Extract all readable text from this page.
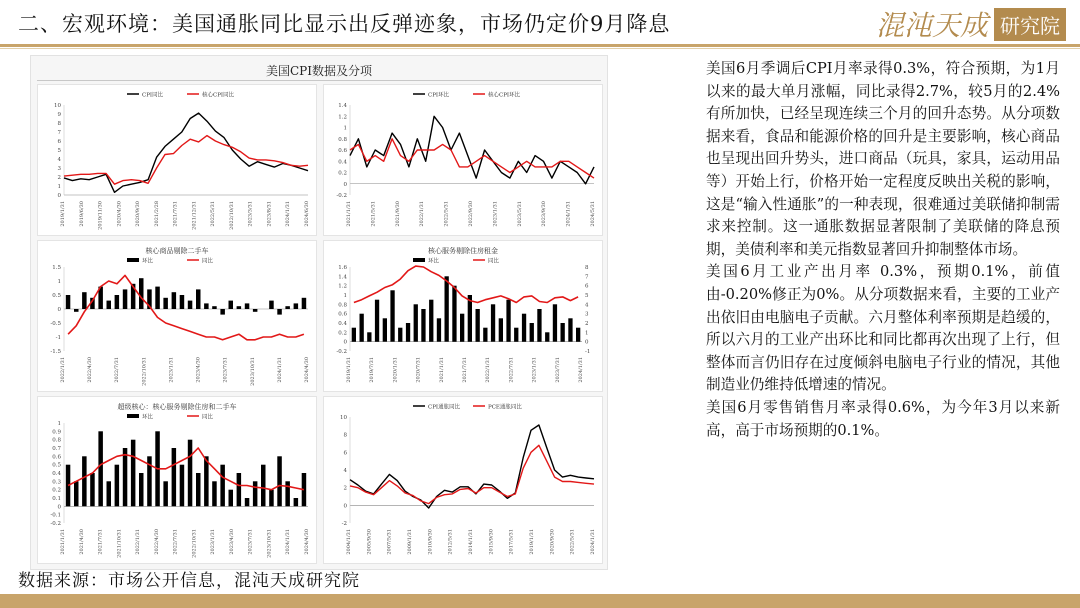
二、宏观环境：美国通胀同比显示出反弹迹象，市场仍定价9月降息	混沌天成 研究院
美国CPI数据及分项
CPI同比	核心CPI同比
10
9
8
7
6
5
4
3
2
1
0
2019/1/31	2019/6/30	2019/11/30	2020/4/30	2020/9/30	2021/2/28	2021/7/31	2021/12/31	2022/5/31	2022/10/31	2023/3/31	2023/8/31	2024/1/31	2024/6/30
CPI环比	核心CPI环比
1.4
1.2
1
0.8
0.6
0.4
0.2
0
-0.2
2021/1/31	2021/5/31	2021/9/30	2022/1/31	2022/5/31	2022/9/30	2023/1/31	2023/5/31	2023/9/30	2024/1/31	2024/5/31
核心商品剔除二手车
环比	同比
1.5
1
0.5
0
-0.5
-1
-1.5
2022/1/31	2022/4/30	2022/7/31	2022/10/31	2023/1/31	2023/4/30	2023/7/31	2023/10/31	2024/1/31	2024/4/30
核心服务剔除住房租金
环比	同比
1.6
1.4
1.2
1
0.8
0.6
0.4
0.2
0
-0.2
8
7
6
5
4
3
2
1
0
-1
2019/1/31	2019/7/31	2020/1/31	2020/7/31	2021/1/31	2021/7/31	2022/1/31	2022/7/31	2023/1/31	2023/7/31	2024/1/31
超级核心：核心服务剔除住房和二手车
环比	同比
1
0.9
0.8
0.7
0.6
0.5
0.4
0.3
0.2
0.1
0
-0.1
-0.2
2021/1/31	2021/4/30	2021/7/31	2021/10/31	2022/1/31	2022/4/30	2022/7/31	2022/10/31	2023/1/31	2023/4/30	2023/7/31	2023/10/31	2024/1/31	2024/4/30
CPI通胀同比	PCE通胀同比
10
8
6
4
2
0
-2
2004/1/31	2005/9/30	2007/5/31	2009/1/31	2010/9/30	2012/5/31	2014/1/31	2015/9/30	2017/5/31	2019/1/31	2020/9/30	2022/5/31	2024/1/31

美国6月季调后CPI月率录得0.3%，符合预期，为1月以来的最大单月涨幅，同比录得2.7%，较5月的2.4%有所加快，已经呈现连续三个月的回升态势。从分项数据来看，食品和能源价格的回升是主要影响，核心商品也呈现出回升势头，进口商品（玩具，家具，运动用品等）开始上行，价格开始一定程度反映出关税的影响，这是“输入性通胀”的一种表现，很难通过美联储抑制需求来控制。这一通胀数据显著限制了美联储的降息预期，美债利率和美元指数显著回升抑制整体市场。

美国6月工业产出月率 0.3%，预期0.1%，前值由-0.20%修正为0%。从分项数据来看，主要的工业产出依旧由电脑电子贡献。六月整体利率预期是趋缓的，所以六月的工业产出环比和同比都再次出现了上行，但整体而言仍旧存在过度倾斜电脑电子行业的情况，其他制造业仍维持低增速的情况。

美国6月零售销售月率录得0.6%，为今年3月以来新高，高于市场预期的0.1%。

数据来源：市场公开信息，混沌天成研究院
